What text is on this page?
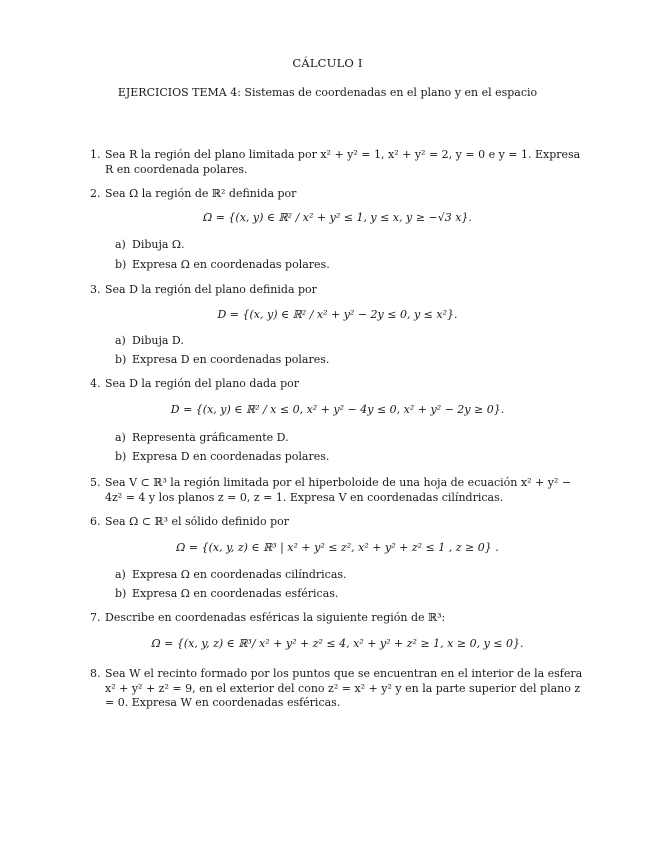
CÁLCULO I
EJERCICIOS TEMA 4: Sistemas de coordenadas en el plano y en el espacio
1. Sea R la región del plano limitada por x² + y² = 1, x² + y² = 2, y = 0 e y = 1. Expresa R en coordenada polares.
2. Sea Ω la región de ℝ² definida por
Ω = {(x, y) ∈ ℝ² / x² + y² ≤ 1, y ≤ x, y ≥ −√3 x}.
a) Dibuja Ω.
b) Expresa Ω en coordenadas polares.
3. Sea D la región del plano definida por
D = {(x, y) ∈ ℝ² / x² + y² − 2y ≤ 0, y ≤ x²}.
a) Dibuja D.
b) Expresa D en coordenadas polares.
4. Sea D la región del plano dada por
D = {(x, y) ∈ ℝ² / x ≤ 0, x² + y² − 4y ≤ 0, x² + y² − 2y ≥ 0}.
a) Representa gráficamente D.
b) Expresa D en coordenadas polares.
5. Sea V ⊂ ℝ³ la región limitada por el hiperboloide de una hoja de ecuación x² + y² − 4z² = 4 y los planos z = 0, z = 1. Expresa V en coordenadas cilíndricas.
6. Sea Ω ⊂ ℝ³ el sólido definido por
Ω = {(x, y, z) ∈ ℝ³ | x² + y² ≤ z², x² + y² + z² ≤ 1 , z ≥ 0} .
a) Expresa Ω en coordenadas cilíndricas.
b) Expresa Ω en coordenadas esféricas.
7. Describe en coordenadas esféricas la siguiente región de ℝ³:
Ω = {(x, y, z) ∈ ℝ³/ x² + y² + z² ≤ 4, x² + y² + z² ≥ 1, x ≥ 0, y ≤ 0}.
8. Sea W el recinto formado por los puntos que se encuentran en el interior de la esfera x² + y² + z² = 9, en el exterior del cono z² = x² + y² y en la parte superior del plano z = 0. Expresa W en coordenadas esféricas.
